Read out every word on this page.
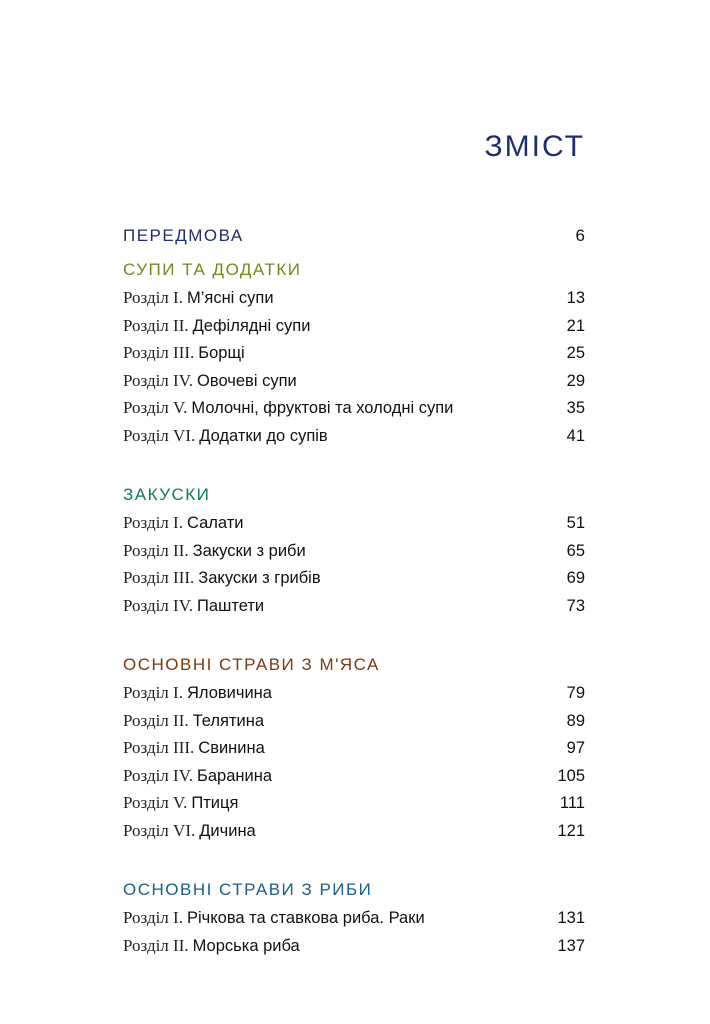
ЗМІСТ
ПЕРЕДМОВА	6
СУПИ ТА ДОДАТКИ
Розділ I. М’ясні супи	13
Розділ II. Дефілядні супи	21
Розділ III. Борщі	25
Розділ IV. Овочеві супи	29
Розділ V. Молочні, фруктові та холодні супи	35
Розділ VI. Додатки до супів	41
ЗАКУСКИ
Розділ I. Салати	51
Розділ II. Закуски з риби	65
Розділ III. Закуски з грибів	69
Розділ IV. Паштети	73
ОСНОВНІ СТРАВИ З М'ЯСА
Розділ I. Яловичина	79
Розділ II. Телятина	89
Розділ III. Свинина	97
Розділ IV. Баранина	105
Розділ V. Птиця	111
Розділ VI. Дичина	121
ОСНОВНІ СТРАВИ З РИБИ
Розділ I. Річкова та ставкова риба. Раки	131
Розділ II. Морська риба	137
